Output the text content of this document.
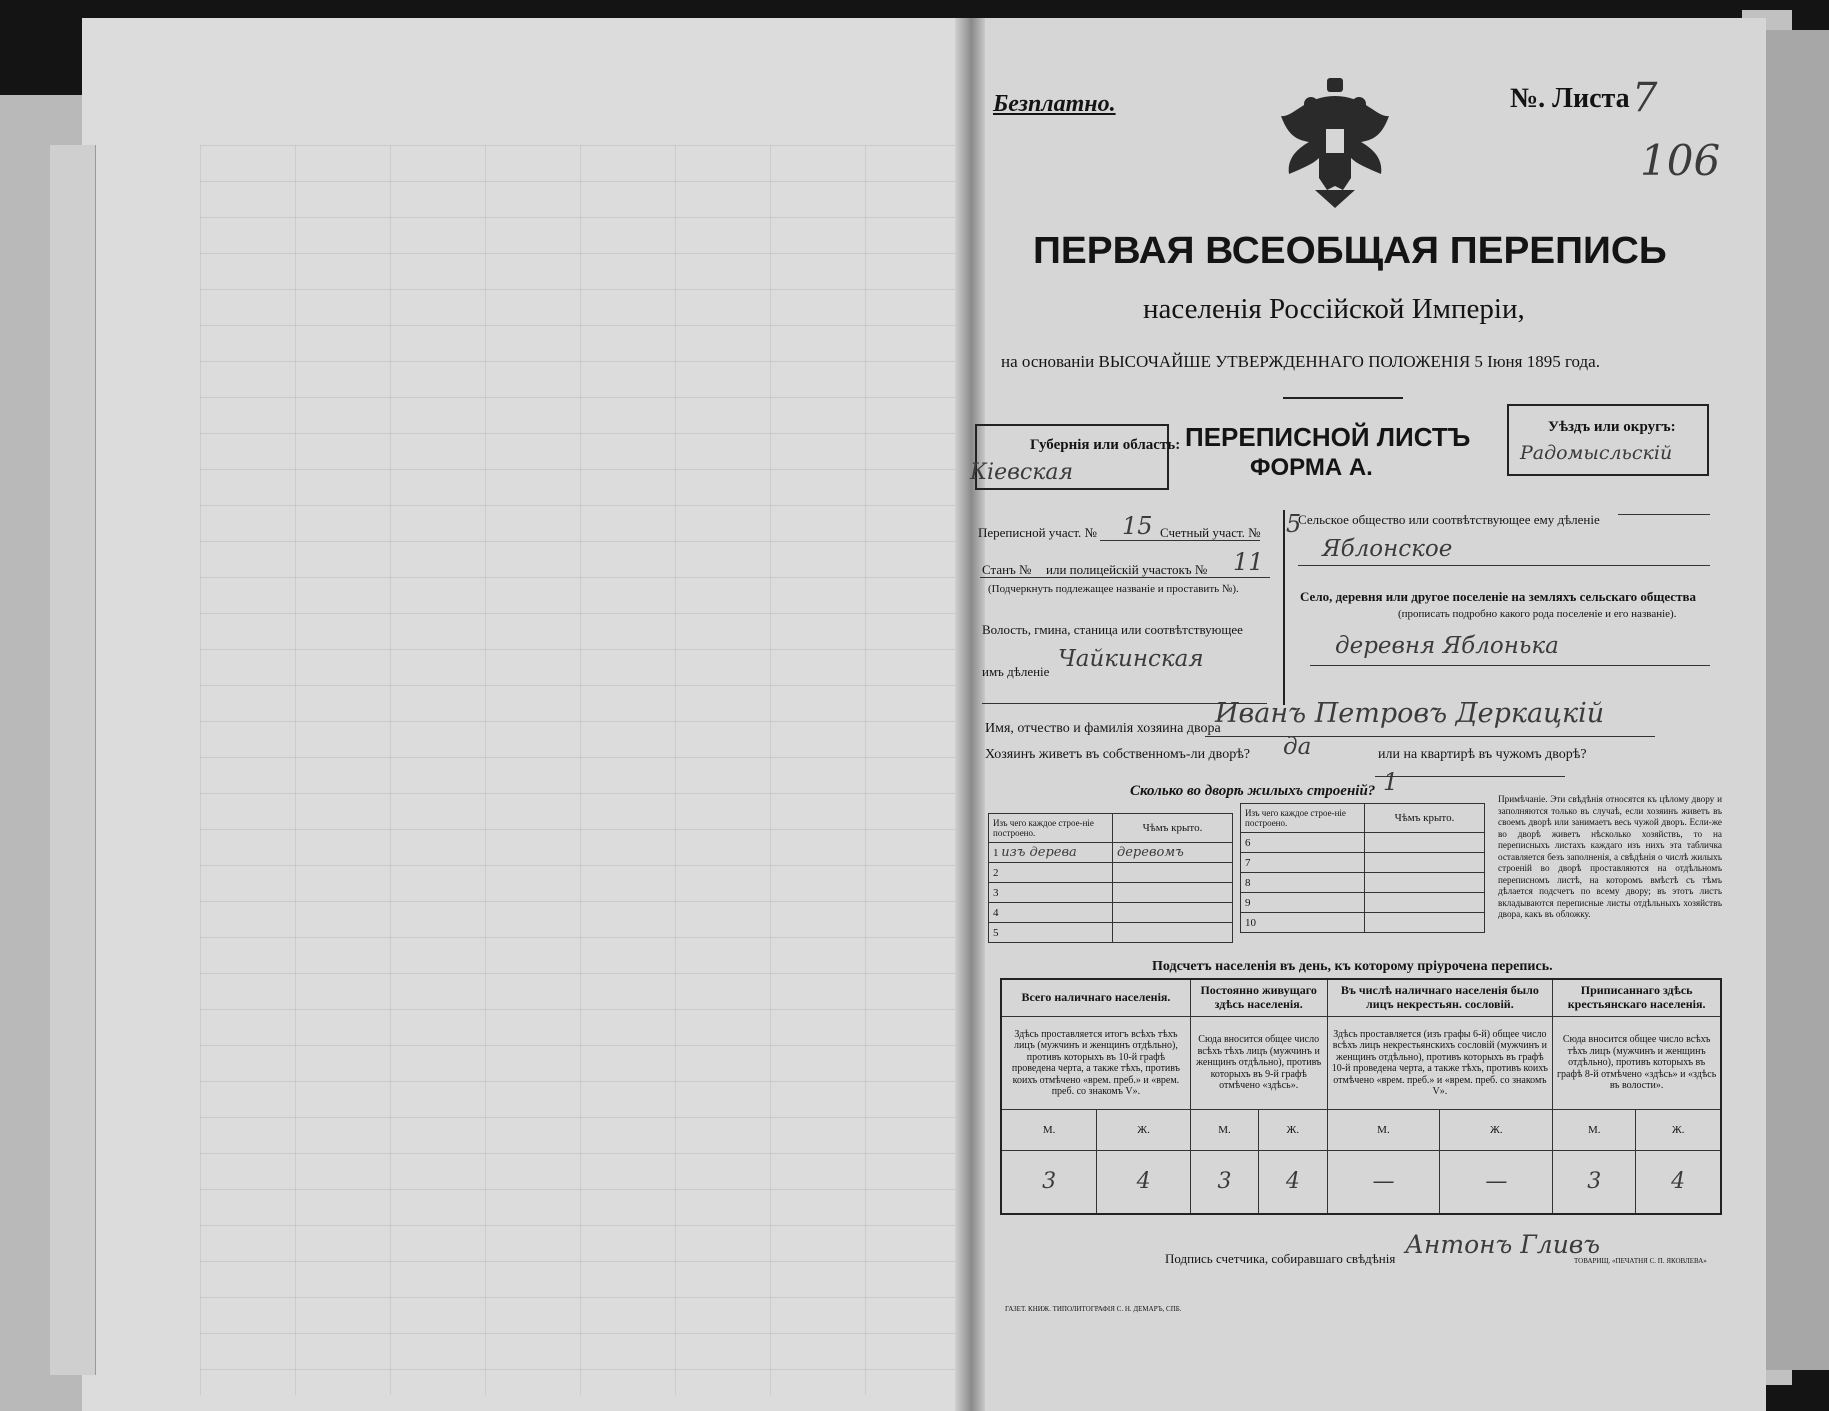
Безплатно.	№. Листа 7
106
ПЕРВАЯ ВСЕОБЩАЯ ПЕРЕПИСЬ
населенія Россійской Имперіи,
на основаніи ВЫСОЧАЙШЕ УТВЕРЖДЕННАГО ПОЛОЖЕНІЯ 5 Іюня 1895 года.
Губернія или область:
Кіевская
ПЕРЕПИСНОЙ ЛИСТЪ
ФОРМА А.
Уѣздъ или округъ:
Радомысльскій
Переписной участ. № 15 Счетный участ. № 5
Станъ № или полицейскій участокъ № 11
(Подчеркнуть подлежащее названіе и проставить №).
Волость, гмина, станица или соотвѣтствующее
имъ дѣленіе Чайкинская
Сельское общество или соотвѣтствующее ему дѣленіе
Яблонское
Село, деревня или другое поселеніе на земляхъ сельскаго общества
(прописать подробно какого рода поселеніе и его названіе).
деревня Яблонька
Имя, отчество и фамилія хозяина двора
Иванъ Петровъ Деркацкій
Хозяинъ живетъ въ собственномъ-ли дворѣ? да	или на квартирѣ въ чужомъ дворѣ?
Сколько во дворѣ жилыхъ строеній? 1
Изъ чего каждое строе-ніе построено.	Чѣмъ крыто.
1 изъ дерева	деревомъ
2	
3	
4	
5	
Изъ чего каждое строе-ніе построено.	Чѣмъ крыто.
6	
7	
8	
9	
10	
Примѣчаніе. Эти свѣдѣнія относятся къ цѣлому двору и заполняются только въ случаѣ, если хозяинъ живетъ въ своемъ дворѣ или занимаетъ весь чужой дворъ. Если-же во дворѣ живетъ нѣсколько хозяйствъ, то на переписныхъ листахъ каждаго изъ нихъ эта табличка оставляется безъ заполненія, а свѣдѣнія о числѣ жилыхъ строеній во дворѣ проставляются на отдѣльномъ переписномъ листѣ, на которомъ вмѣстѣ съ тѣмъ дѣлается подсчетъ по всему двору; въ этотъ листъ вкладываются переписные листы отдѣльныхъ хозяйствъ двора, какъ въ обложку.
Подсчетъ населенія въ день, къ которому пріурочена перепись.
Всего наличнаго населенія.		Постоянно живущаго здѣсь населенія.		Въ числѣ наличнаго населенія было лицъ некрестьян. сословій.		Приписаннаго здѣсь крестьянскаго населенія.	
Здѣсь проставляется итогъ всѣхъ тѣхъ лицъ (мужчинъ и женщинъ отдѣльно), противъ которыхъ въ 10-й графѣ проведена черта, а также тѣхъ, противъ коихъ отмѣчено «врем. преб.» и «врем. преб. со знакомъ V».		Сюда вносится общее число всѣхъ тѣхъ лицъ (мужчинъ и женщинъ отдѣльно), противъ которыхъ въ 9-й графѣ отмѣчено «здѣсь».		Здѣсь проставляется (изъ графы 6-й) общее число всѣхъ лицъ некрестьянскихъ сословій (мужчинъ и женщинъ отдѣльно), противъ которыхъ въ графѣ 10-й проведена черта, а также тѣхъ, противъ коихъ отмѣчено «врем. преб.» и «врем. преб. со знакомъ V».		Сюда вносится общее число всѣхъ тѣхъ лицъ (мужчинъ и женщинъ отдѣльно), противъ которыхъ въ графѣ 8-й отмѣчено «здѣсь» и «здѣсь въ волости».	
М.	Ж.	М.	Ж.	М.	Ж.	М.	Ж.
3	4	3	4	—	—	3	4
Подпись счетчика, собиравшаго свѣдѣнія Антонъ Гливъ
ГАЗЕТ. КНИЖ. ТИПОЛИТОГРАФІЯ С. Н. ДЕМАРЪ, СПБ.
ТОВАРИЩ. «ПЕЧАТНЯ С. П. ЯКОВЛЕВА»
